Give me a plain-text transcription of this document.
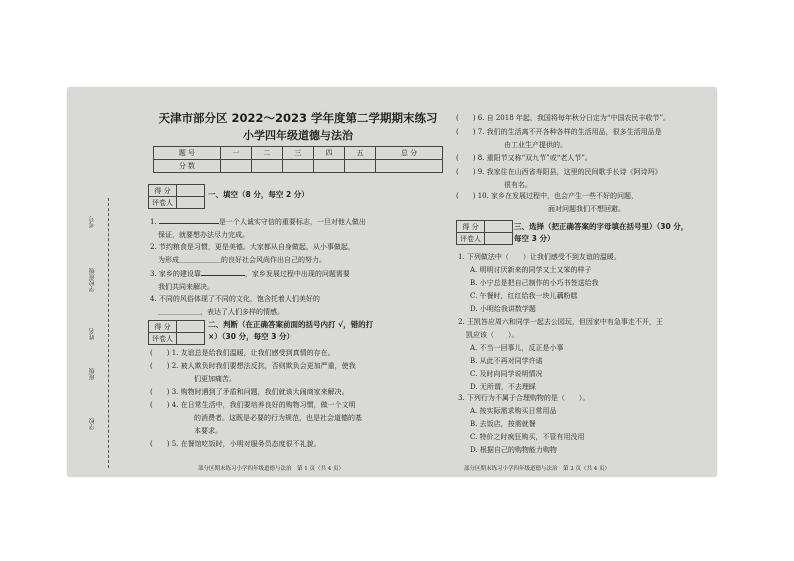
考号
学校班级
姓名
班级
学校
天津市部分区 2022～2023 学年度第二学期期末练习
小学四年级道德与法治
题 号	一	二	三	四	五	总 分
分 数						
得 分	
评卷人	
一、填空（8 分，每空 2 分）
1.	是一个人诚实守信的重要标志，一旦对他人做出
保证，就要想办法尽力完成。
2. 节约粮食是习惯，更是美德。大家都从自身做起，从小事做起，
为形成＿＿＿＿＿＿的良好社会风尚作出自己的努力。
3. 家乡的建设靠	，家乡发展过程中出现的问题需要
我们共同来解决。
4. 不同的风俗体现了不同的文化，饱含托着人们美好的
＿＿＿＿＿＿，表达了人们多样的情感。
得 分	
评卷人	
二、判断（在正确答案前面的括号内打 √，错的打
×）（30 分，每空 3 分）
(　　) 1. 友谊总是给我们温暖，让我们感受到真情的存在。
(　　) 2. 被人欺负时我们要想法反抗，否则欺负会更加严重，使我
们更加痛苦。
(　　) 3. 购物时遇到了矛盾和问题，我们就该大闹商家来解决。
(　　) 4. 在日常生活中，我们要培养良好的购物习惯，做一个文明
的消费者。这既是必要的行为规范，也是社会道德的基
本要求。
(　　) 5. 在餐馆吃饭时，小明对服务员态度很不礼貌。
部分区期末练习小学四年级道德与法治　第 1 页（共 4 页）
(　　) 6. 自 2018 年起，我国将每年秋分日定为“中国农民丰收节”。
(　　) 7. 我们的生活离不开各种各样的生活用品，很多生活用品是
由工业生产提供的。
(　　) 8. 重阳节又称“双九节”或“老人节”。
(　　) 9. 我家住在山西省寿阳县，这里的民间歌手长诗《阿诗玛》
很有名。
(　　) 10. 家乡在发展过程中，也会产生一些不好的问题，
面对问题我们不想回避。
得 分	
评卷人	
三、选择（把正确答案的字母填在括号里）（30 分，
每空 3 分）
1. 下列做法中（　　）让我们感受不到友谊的温暖。
A. 明明讨厌新来的同学又土又笨的样子
B. 小宁总是把自己制作的小巧书签送给我
C. 午餐时，红红给我一块儿藕粉糕
D. 小明给我讲数学题
2. 王凯答应周六和同学一起去公园玩，但因家中有急事走不开，王
凯应该（　　）。
A. 不当一回事儿，反正是小事
B. 从此不再对同学许诺
C. 及时向同学说明情况
D. 无所谓，不去理睬
3. 下列行为不属于合理购物的是（　　）。
A. 按实际需求购买日常用品
B. 去饭店，按需就餐
C. 特价之时疯狂购买，不管有用没用
D. 根据自己的购物能力购物
部分区期末练习小学四年级道德与法治　第 2 页（共 4 页）
